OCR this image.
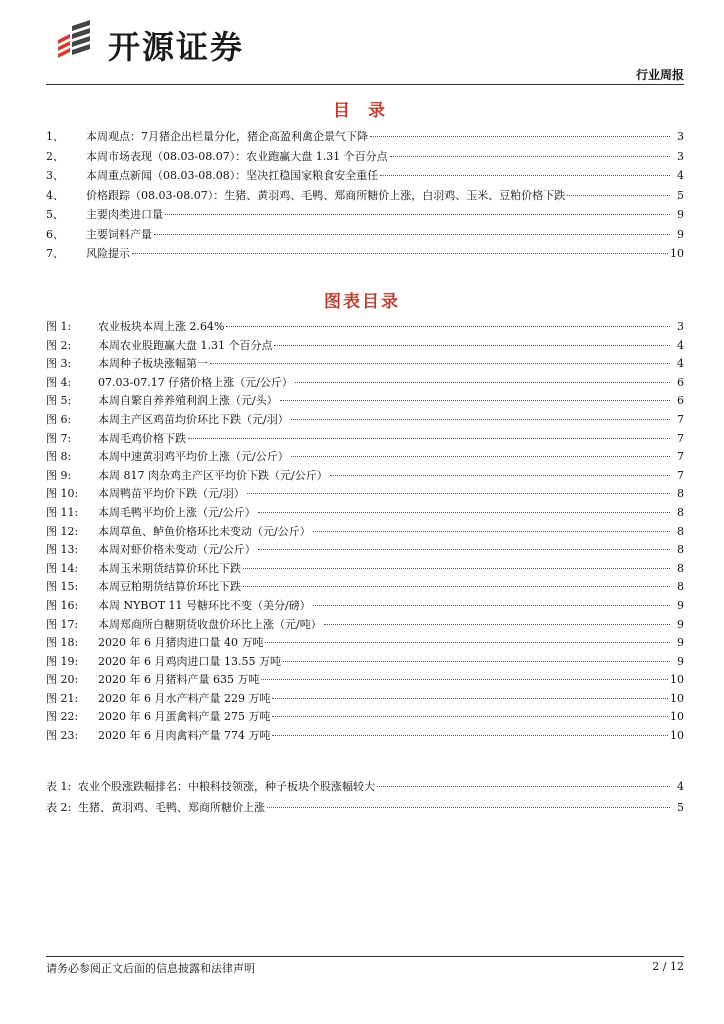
开源证券
行业周报
目 录
1、	本周观点：7月猪企出栏量分化，猪企高盈利禽企景气下降	3
2、	本周市场表现（08.03-08.07）：农业跑赢大盘 1.31 个百分点	3
3、	本周重点新闻（08.03-08.08）：坚决扛稳国家粮食安全重任	4
4、	价格跟踪（08.03-08.07）：生猪、黄羽鸡、毛鸭、郑商所糖价上涨，白羽鸡、玉米、豆粕价格下跌	5
5、	主要肉类进口量	9
6、	主要饲料产量	9
7、	风险提示	10
图表目录
图 1:	农业板块本周上涨 2.64%	3
图 2:	本周农业股跑赢大盘 1.31 个百分点	4
图 3:	本周种子板块涨幅第一	4
图 4:	07.03-07.17 仔猪价格上涨（元/公斤）	6
图 5:	本周自繁自养养殖利润上涨（元/头）	6
图 6:	本周主产区鸡苗均价环比下跌（元/羽）	7
图 7:	本周毛鸡价格下跌	7
图 8:	本周中速黄羽鸡平均价上涨（元/公斤）	7
图 9:	本周 817 肉杂鸡主产区平均价下跌（元/公斤）	7
图 10:	本周鸭苗平均价下跌（元/羽）	8
图 11:	本周毛鸭平均价上涨（元/公斤）	8
图 12:	本周草鱼、鲈鱼价格环比未变动（元/公斤）	8
图 13:	本周对虾价格未变动（元/公斤）	8
图 14:	本周玉米期货结算价环比下跌	8
图 15:	本周豆粕期货结算价环比下跌	8
图 16:	本周 NYBOT 11 号糖环比不变（美分/磅）	9
图 17:	本周郑商所白糖期货收盘价环比上涨（元/吨）	9
图 18:	2020 年 6 月猪肉进口量 40 万吨	9
图 19:	2020 年 6 月鸡肉进口量 13.55 万吨	9
图 20:	2020 年 6 月猪料产量 635 万吨	10
图 21:	2020 年 6 月水产料产量 229 万吨	10
图 22:	2020 年 6 月蛋禽料产量 275 万吨	10
图 23:	2020 年 6 月肉禽料产量 774 万吨	10
表 1: 农业个股涨跌幅排名：中粮科技领涨，种子板块个股涨幅较大	4
表 2: 生猪、黄羽鸡、毛鸭、郑商所糖价上涨	5
请务必参阅正文后面的信息披露和法律声明	2 / 12
